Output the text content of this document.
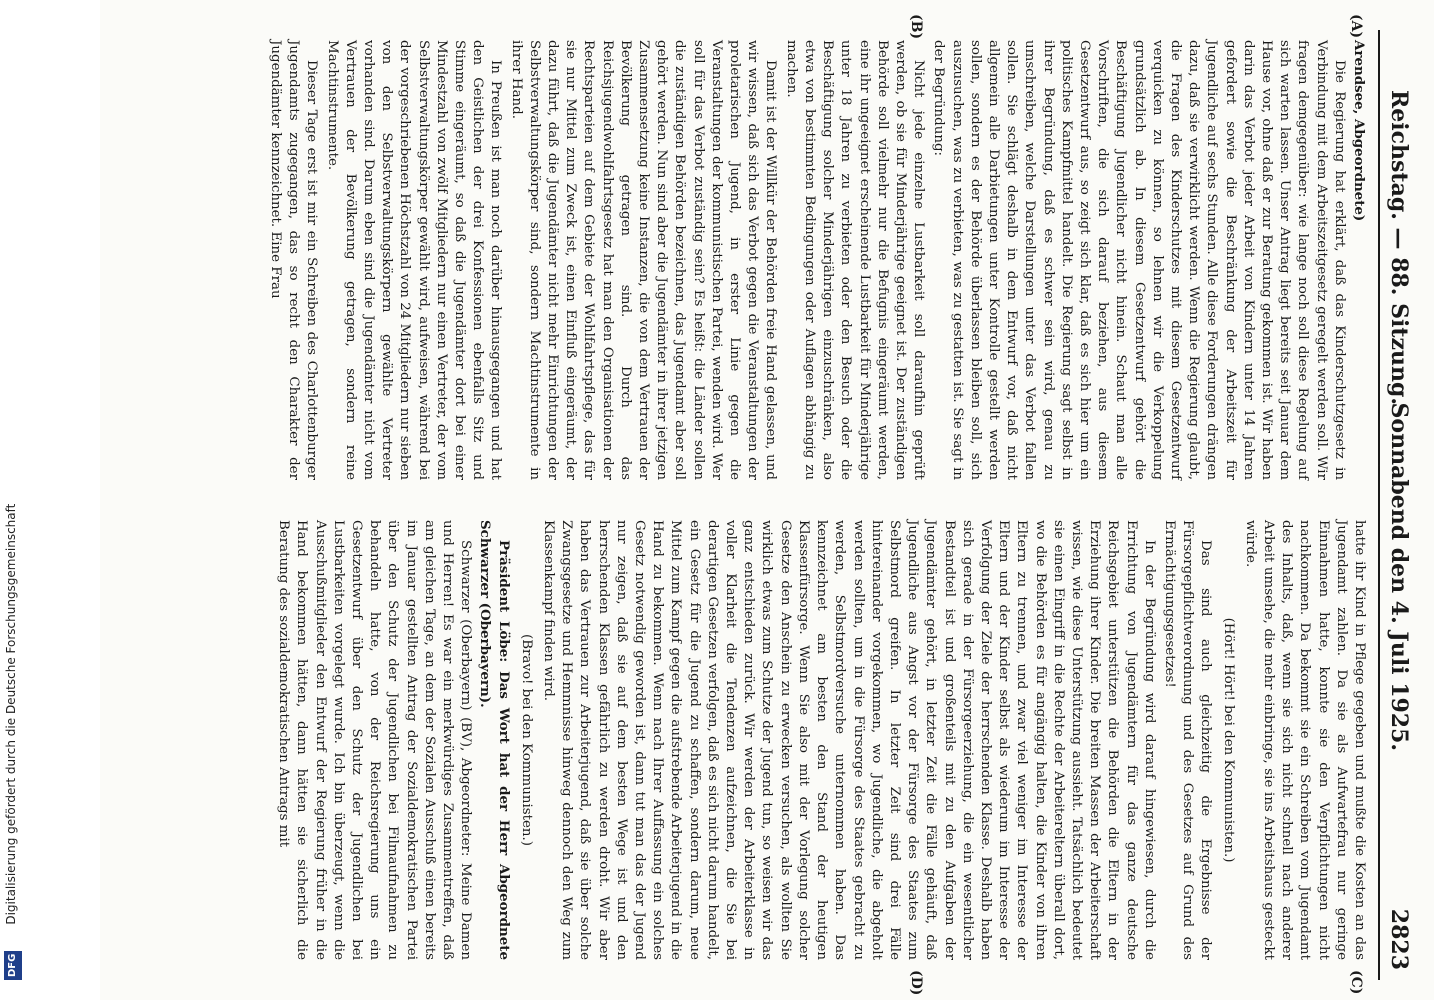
Reichstag. — 88. Sitzung.
Sonnabend den 4. Juli 1925. 2823
(A)
(B)
(C)
(D)

Arendsee, Abgeordnete)

Die Regierung hat erklärt, daß das Kinderschutzgesetz in Verbindung mit dem Arbeitszeitgesetz geregelt werden soll. Wir fragen demgegenüber: wie lange noch soll diese Regelung auf sich warten lassen. Unser Antrag liegt bereits seit Januar dem Hause vor, ohne daß er zur Beratung gekommen ist. Wir haben darin das Verbot jeder Arbeit von Kindern unter 14 Jahren gefordert sowie die Beschränkung der Arbeitszeit für Jugendliche auf sechs Stunden. Alle diese Forderungen drängen dazu, daß sie verwirklicht werden. Wenn die Regierung glaubt, die Fragen des Kinderschutzes mit diesem Gesetzentwurf verquicken zu können, so lehnen wir die Verkoppelung grundsätzlich ab. In diesem Gesetzentwurf gehört die Beschäftigung Jugendlicher nicht hinein. Schaut man alle Vorschriften, die sich darauf beziehen, aus diesem Gesetzentwurf aus, so zeigt sich klar, daß es sich hier um ein politisches Kampfmittel handelt. Die Regierung sagt selbst in ihrer Begründung, daß es schwer sein wird, genau zu umschreiben, welche Darstellungen unter das Verbot fallen sollen. Sie schlägt deshalb in dem Entwurf vor, daß nicht allgemein alle Darbietungen unter Kontrolle gestellt werden sollen, sondern es der Behörde überlassen bleiben soll, sich auszusuchen, was zu verbieten, was zu gestatten ist. Sie sagt in der Begründung:

Nicht jede einzelne Lustbarkeit soll daraufhin geprüft werden, ob sie für Minderjährige geeignet ist. Der zuständigen Behörde soll vielmehr nur die Befugnis eingeräumt werden, eine ihr ungeeignet erscheinende Lustbarkeit für Minderjährige unter 18 Jahren zu verbieten oder den Besuch oder die Beschäftigung solcher Minderjährigen einzuschränken, also etwa von bestimmten Bedingungen oder Auflagen abhängig zu machen.

Damit ist der Willkür der Behörden freie Hand gelassen, und wir wissen, daß sich das Verbot gegen die Veranstaltungen der proletarischen Jugend, in erster Linie gegen die Veranstaltungen der kommunistischen Partei, wenden wird. Wer soll für das Verbot zuständig sein? Es heißt: die Länder sollen die zuständigen Behörden bezeichnen, das Jugendamt aber soll gehört werden. Nun sind aber die Jugendämter in ihrer jetzigen Zusammensetzung keine Instanzen, die von dem Vertrauen der Bevölkerung getragen sind. Durch das Reichsjugendwohlfahrtsgesetz hat man den Organisationen der Rechtsparteien auf dem Gebiete der Wohlfahrtspflege, das für sie nur Mittel zum Zweck ist, einen Einfluß eingeräumt, der dazu führt, daß die Jugendämter nicht mehr Einrichtungen der Selbstverwaltungskörper sind, sondern Machtinstrumente in ihrer Hand.

In Preußen ist man noch darüber hinausgegangen und hat den Geistlichen der drei Konfessionen ebenfalls Sitz und Stimme eingeräumt, so daß die Jugendämter dort bei einer Mindestzahl von zwölf Mitgliedern nur einen Vertreter, der vom Selbstverwaltungskörper gewählt wird, aufweisen, während bei der vorgeschriebenen Höchstzahl von 24 Mitgliedern nur sieben von den Selbstverwaltungskörpern gewählte Vertreter vorhanden sind. Darum eben sind die Jugendämter nicht vom Vertrauen der Bevölkerung getragen, sondern reine Machtinstrumente.

Dieser Tage erst ist mir ein Schreiben des Charlottenburger Jugendamts zugegangen, das so recht den Charakter der Jugendämter kennzeichnet. Eine Frau

hatte ihr Kind in Pflege gegeben und mußte die Kosten an das Jugendamt zahlen. Da sie als Aufwartefrau nur geringe Einnahmen hatte, konnte sie den Verpflichtungen nicht nachkommen. Da bekommt sie ein Schreiben vom Jugendamt des Inhalts, daß, wenn sie sich nicht schnell nach anderer Arbeit umsehe, die mehr einbringe, sie ins Arbeitshaus gesteckt würde.

(Hört! Hört! bei den Kommunisten.)

Das sind auch gleichzeitig die Ergebnisse der Fürsorgepflichtverordnung und des Gesetzes auf Grund des Ermächtigungsgesetzes!

In der Begründung wird darauf hingewiesen, durch die Errichtung von Jugendämtern für das ganze deutsche Reichsgebiet unterstützen die Behörden die Eltern in der Erziehung ihrer Kinder. Die breiten Massen der Arbeiterschaft wissen, wie diese Unterstützung aussieht. Tatsächlich bedeutet sie einen Eingriff in die Rechte der Arbeitereltern überall dort, wo die Behörden es für angängig halten, die Kinder von ihren Eltern zu trennen, und zwar viel weniger im Interesse der Eltern und der Kinder selbst als wiederum im Interesse der Verfolgung der Ziele der herrschenden Klasse. Deshalb haben sich gerade in der Fürsorgeerziehung, die ein wesentlicher Bestandteil ist und großenteils mit zu den Aufgaben der Jugendämter gehört, in letzter Zeit die Fälle gehäuft, daß Jugendliche aus Angst vor der Fürsorge des Staates zum Selbstmord greifen. In letzter Zeit sind drei Fälle hintereinander vorgekommen, wo Jugendliche, die abgeholt werden sollten, um in die Fürsorge des Staates gebracht zu werden, Selbstmordversuche unternommen haben. Das kennzeichnet am besten den Stand der heutigen Klassenfürsorge. Wenn Sie also mit der Vorlegung solcher Gesetze den Anschein zu erwecken versuchen, als wollten Sie wirklich etwas zum Schutze der Jugend tun, so weisen wir das ganz entschieden zurück. Wir werden der Arbeiterklasse in voller Klarheit die Tendenzen aufzeichnen, die Sie bei derartigen Gesetzen verfolgen, daß es sich nicht darum handelt, ein Gesetz für die Jugend zu schaffen, sondern darum, neue Mittel zum Kampf gegen die aufstrebende Arbeiterjugend in die Hand zu bekommen. Wenn nach Ihrer Auffassung ein solches Gesetz notwendig geworden ist, dann tut man das der Jugend nur zeigen, daß sie auf dem besten Wege ist und den herrschenden Klassen gefährlich zu werden droht. Wir aber haben das Vertrauen zur Arbeiterjugend, daß sie über solche Zwangsgesetze und Hemmnisse hinweg dennoch den Weg zum Klassenkampf finden wird.

(Bravo! bei den Kommunisten.)

Präsident Löbe: Das Wort hat der Herr Abgeordnete Schwarzer (Oberbayern).

Schwarzer (Oberbayern) (BV), Abgeordneter: Meine Damen und Herren! Es war ein merkwürdiges Zusammentreffen, daß am gleichen Tage, an dem der Sozialen Ausschuß einen bereits im Januar gestellten Antrag der Sozialdemokratischen Partei über den Schutz der Jugendlichen bei Filmaufnahmen zu behandeln hatte, von der Reichsregierung uns ein Gesetzentwurf über den Schutz der Jugendlichen bei Lustbarkeiten vorgelegt wurde. Ich bin überzeugt, wenn die Ausschußmitglieder den Entwurf der Regierung früher in die Hand bekommen hätten, dann hätten sie sicherlich die Beratung des sozialdemokratischen Antrags mit

DFGDigitalisierung gefördert durch die Deutsche Forschungsgemeinschaft
